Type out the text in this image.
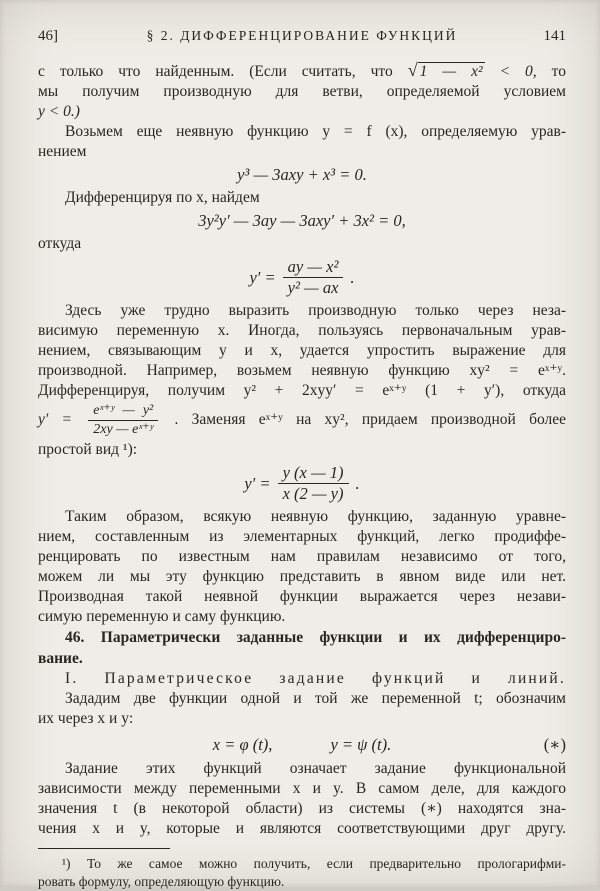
46]	§ 2. ДИФФЕРЕНЦИРОВАНИЕ ФУНКЦИЙ	141
с только что найденным. (Если считать, что √ 1 — x² < 0, то
мы получим производную для ветви, определяемой условием
y < 0.)
Возьмем еще неявную функцию y = f (x), определяемую урав-
нением
y³ — 3axy + x³ = 0.
Дифференцируя по x, найдем
3y²y′ — 3ay — 3axy′ + 3x² = 0,
откуда
$y' = \frac{\text{ay — x²}}{\text{y² — ax}}$ .
Здесь уже трудно выразить производную только через неза-
висимую переменную x. Иногда, пользуясь первоначальным урав-
нением, связывающим y и x, удается упростить выражение для
производной. Например, возьмем неявную функцию xy² = eˣ⁺ʸ.
Дифференцируя, получим y² + 2xyy′ = eˣ⁺ʸ (1 + y′), откуда
$y' = \frac{\text{eˣ⁺ʸ — y²}}{\text{2xy — eˣ⁺ʸ}}$ . Заменяя eˣ⁺ʸ на xy², придаем производной более
простой вид ¹):
$y' = \frac{y (x — 1)}{x (2 — y)}$ .
Таким образом, всякую неявную функцию, заданную уравне-
нием, составленным из элементарных функций, легко продиффе-
ренцировать по известным нам правилам независимо от того,
можем ли мы эту функцию представить в явном виде или нет.
Производная такой неявной функции выражается через незави-
симую переменную и саму функцию.
46. Параметрически заданные функции и их дифференциро-
вание.
I. Параметрическое задание функций и линий.
Зададим две функции одной и той же переменной t; обозначим
их через x и y:
x = φ (t),	y = ψ (t).	(∗)
Задание этих функций означает задание функциональной
зависимости между переменными x и y. В самом деле, для каждого
значения t (в некоторой области) из системы (∗) находятся зна-
чения x и y, которые и являются соответствующими друг другу.
¹) То же самое можно получить, если предварительно прологарифми-
ровать формулу, определяющую функцию.
